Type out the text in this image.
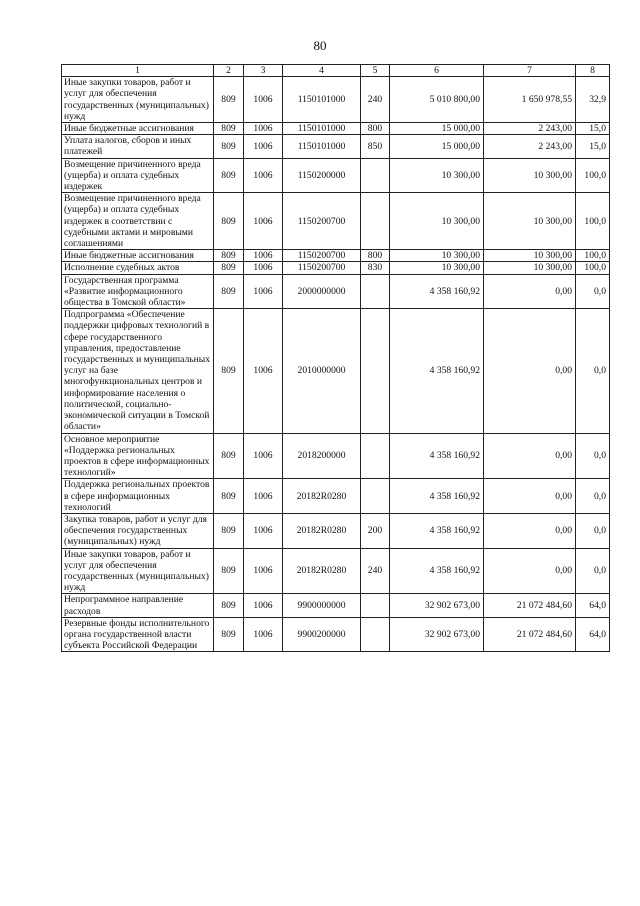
80
1	2	3	4	5	6	7	8
Иные закупки товаров, работ и услуг для обеспечения государственных (муниципальных) нужд	809	1006	1150101000	240	5 010 800,00	1 650 978,55	32,9
Иные бюджетные ассигнования	809	1006	1150101000	800	15 000,00	2 243,00	15,0
Уплата налогов, сборов и иных платежей	809	1006	1150101000	850	15 000,00	2 243,00	15,0
Возмещение причиненного вреда (ущерба) и оплата судебных издержек	809	1006	1150200000		10 300,00	10 300,00	100,0
Возмещение причиненного вреда (ущерба) и оплата судебных издержек в соответствии с судебными актами и мировыми соглашениями	809	1006	1150200700		10 300,00	10 300,00	100,0
Иные бюджетные ассигнования	809	1006	1150200700	800	10 300,00	10 300,00	100,0
Исполнение судебных актов	809	1006	1150200700	830	10 300,00	10 300,00	100,0
Государственная программа «Развитие информационного общества в Томской области»	809	1006	2000000000		4 358 160,92	0,00	0,0
Подпрограмма «Обеспечение поддержки цифровых технологий в сфере государственного управления, предоставление государственных и муниципальных услуг на базе многофункциональных центров и информирование населения о политической, социально-экономической ситуации в Томской области»	809	1006	2010000000		4 358 160,92	0,00	0,0
Основное мероприятие «Поддержка региональных проектов в сфере информационных технологий»	809	1006	2018200000		4 358 160,92	0,00	0,0
Поддержка региональных проектов в сфере информационных технологий	809	1006	20182R0280		4 358 160,92	0,00	0,0
Закупка товаров, работ и услуг для обеспечения государственных (муниципальных) нужд	809	1006	20182R0280	200	4 358 160,92	0,00	0,0
Иные закупки товаров, работ и услуг для обеспечения государственных (муниципальных) нужд	809	1006	20182R0280	240	4 358 160,92	0,00	0,0
Непрограммное направление расходов	809	1006	9900000000		32 902 673,00	21 072 484,60	64,0
Резервные фонды исполнительного органа государственной власти субъекта Российской Федерации	809	1006	9900200000		32 902 673,00	21 072 484,60	64,0
